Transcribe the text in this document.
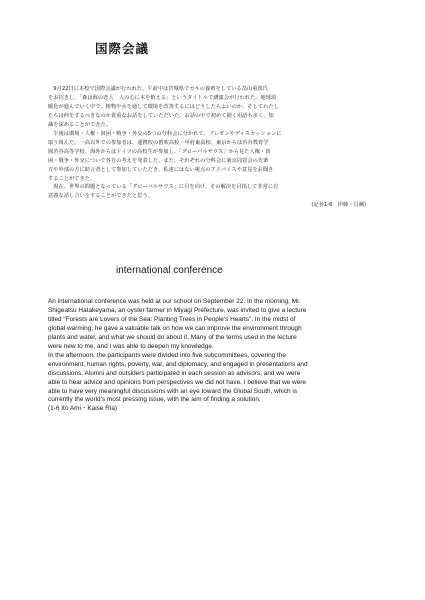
国際会議
　9月22日に本校で国際会議が行われた。午前中は宮城県でカキの養殖をしている畠山重篤氏
をお招きし、「森は海の恋人　人の心に木を植える」というタイトルで講演会が行われた。地球温
暖化が進んでいく中で、植物や水を通して環境を改善するにはどうしたらよいのか、そしてわたし
たちは何をするべきなのか貴重なお話をしていただいた。お話の中で初めて聞く用語も多く、知
識を深めることができた。
　午後は環境・人権・貧困・戦争・外交の5つの分科会に分かれて、プレゼンやディスカッションに
取り組んだ。一高以外での参加者は、連携校の笛吹高校・甲府東高校、東京からは渋谷教育学
園渋谷高等学校、海外からはドイツの高校生が参加し、「グローバルサウス」から見た人権・貧
困・戦争・外交について各自の考えを発表した。また、それぞれの分科会に東京同窓会の先輩
方や外部の方に助言者として参加していただき、私達にはない視点のアドバイスや意見をお聞き
することができた。
　現在、世界の問題となっている「グローバルサウス」に目を向け、その解決を目指して非常に有
意義な話し合いをすることができたと思う。
(記者1-6　伊藤・貝瀬)
international conference
An international conference was held at our school on September 22. In the morning, Mr.
Shigeatsu Hatakeyama, an oyster farmer in Miyagi Prefecture, was invited to give a lecture
titled "Forests are Lovers of the Sea: Planting Trees in People's Hearts". In the midst of
global warming, he gave a valuable talk on how we can improve the environment through
plants and water, and what we should do about it. Many of the terms used in the lecture
were new to me, and I was able to deepen my knowledge.
In the afternoon, the participants were divided into five subcommittees, covering the
environment, human rights, poverty, war, and diplomacy, and engaged in presentations and
discussions. Alumni and outsiders participated in each session as advisors, and we were
able to hear advice and opinions from perspectives we did not have. I believe that we were
able to have very meaningful discussions with an eye toward the Global South, which is
currently the world's most pressing issue, with the aim of finding a solution.
(1-6 Ito Ami・Kaise Ria)
